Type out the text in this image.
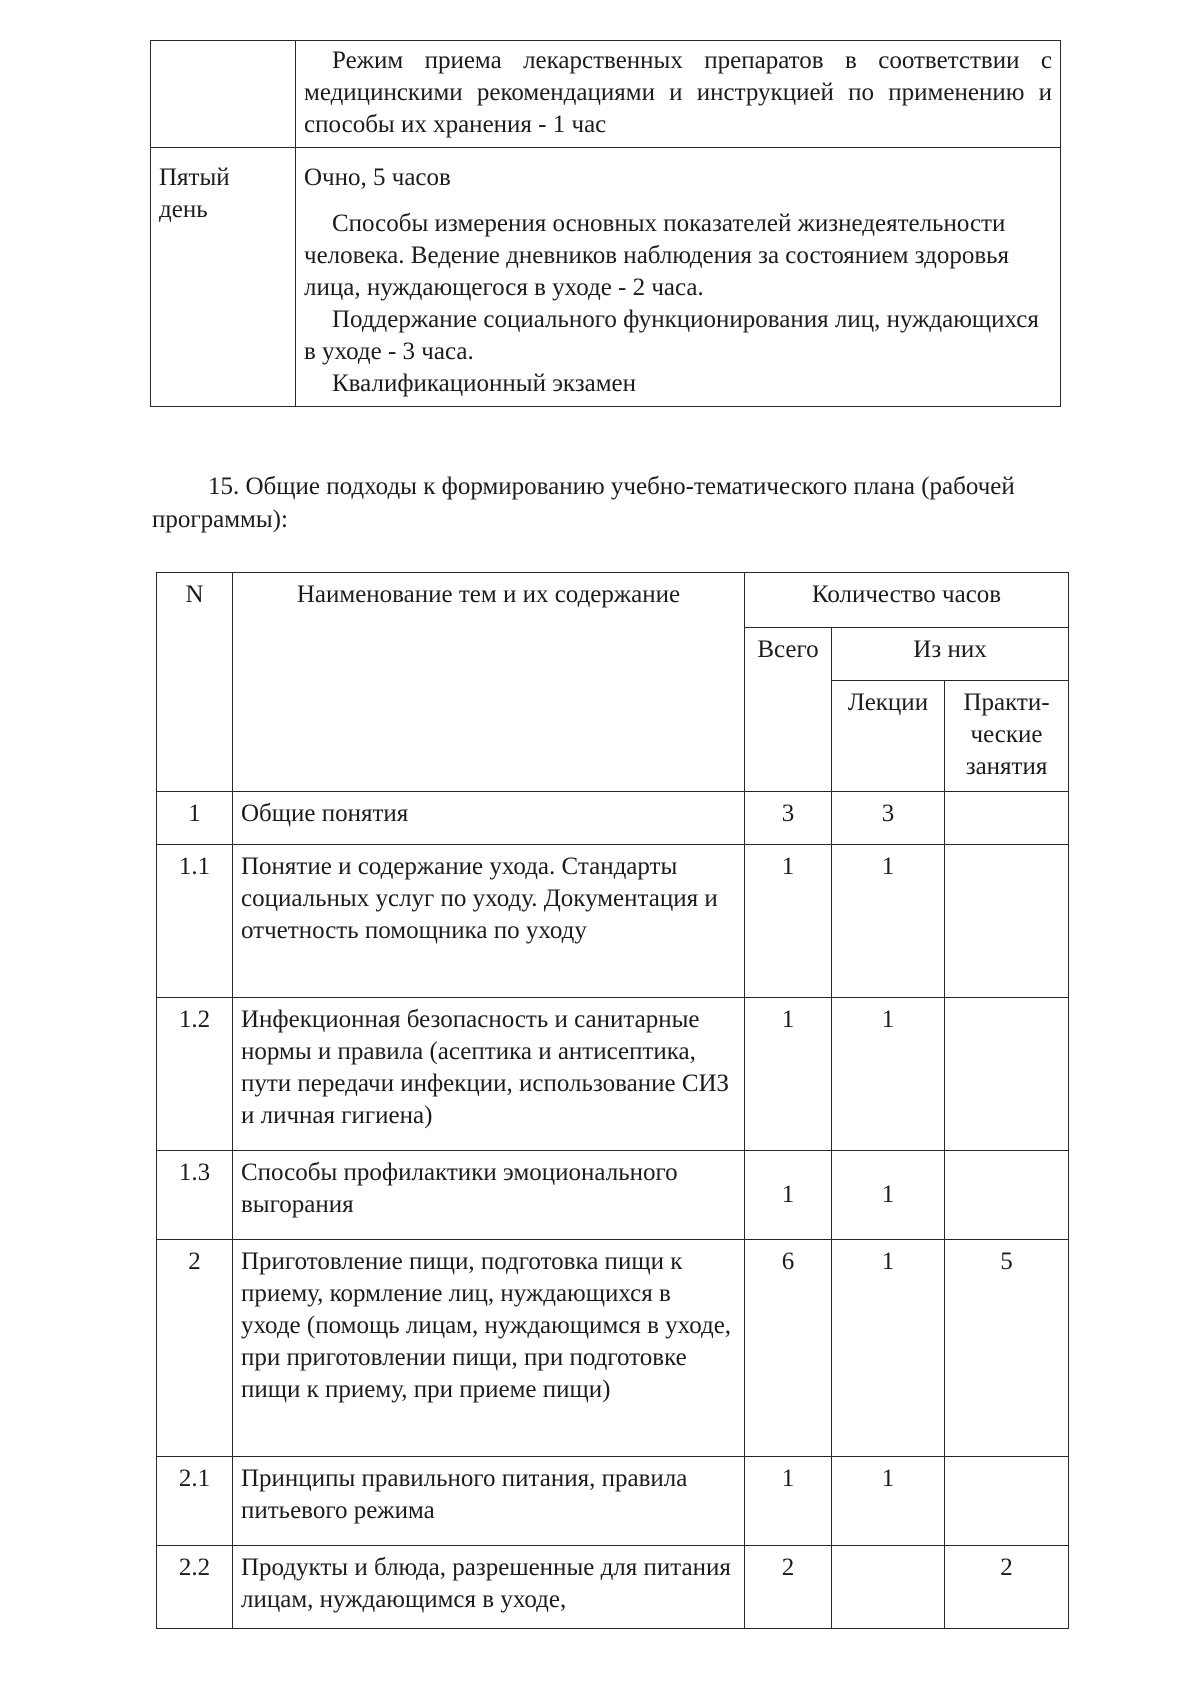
	Режим приема лекарственных препаратов в соответствии с медицинскими рекомендациями и инструкцией по применению и способы их хранения - 1 час

Пятый день	Очно, 5 часов

Способы измерения основных показателей жизнедеятельности человека. Ведение дневников наблюдения за состоянием здоровья лица, нуждающегося в уходе - 2 часа.

Поддержание социального функционирования лиц, нуждающихся в уходе - 3 часа.

Квалификационный экзамен

15. Общие подходы к формированию учебно-тематического плана (рабочей программы):

N	Наименование тем и их содержание	Количество часов		
		Всего	Из них	
			Лекции	Практи-ческие занятия
1	Общие понятия	3	3	
1.1	Понятие и содержание ухода. Стандарты социальных услуг по уходу. Документация и отчетность помощника по уходу	1	1	
1.2	Инфекционная безопасность и санитарные нормы и правила (асептика и антисептика, пути передачи инфекции, использование СИЗ и личная гигиена)	1	1	
1.3	Способы профилактики эмоционального выгорания	1	1	
2	Приготовление пищи, подготовка пищи к приему, кормление лиц, нуждающихся в уходе (помощь лицам, нуждающимся в уходе, при приготовлении пищи, при подготовке пищи к приему, при приеме пищи)	6	1	5
2.1	Принципы правильного питания, правила питьевого режима	1	1	
2.2	Продукты и блюда, разрешенные для питания лицам, нуждающимся в уходе,	2		2
